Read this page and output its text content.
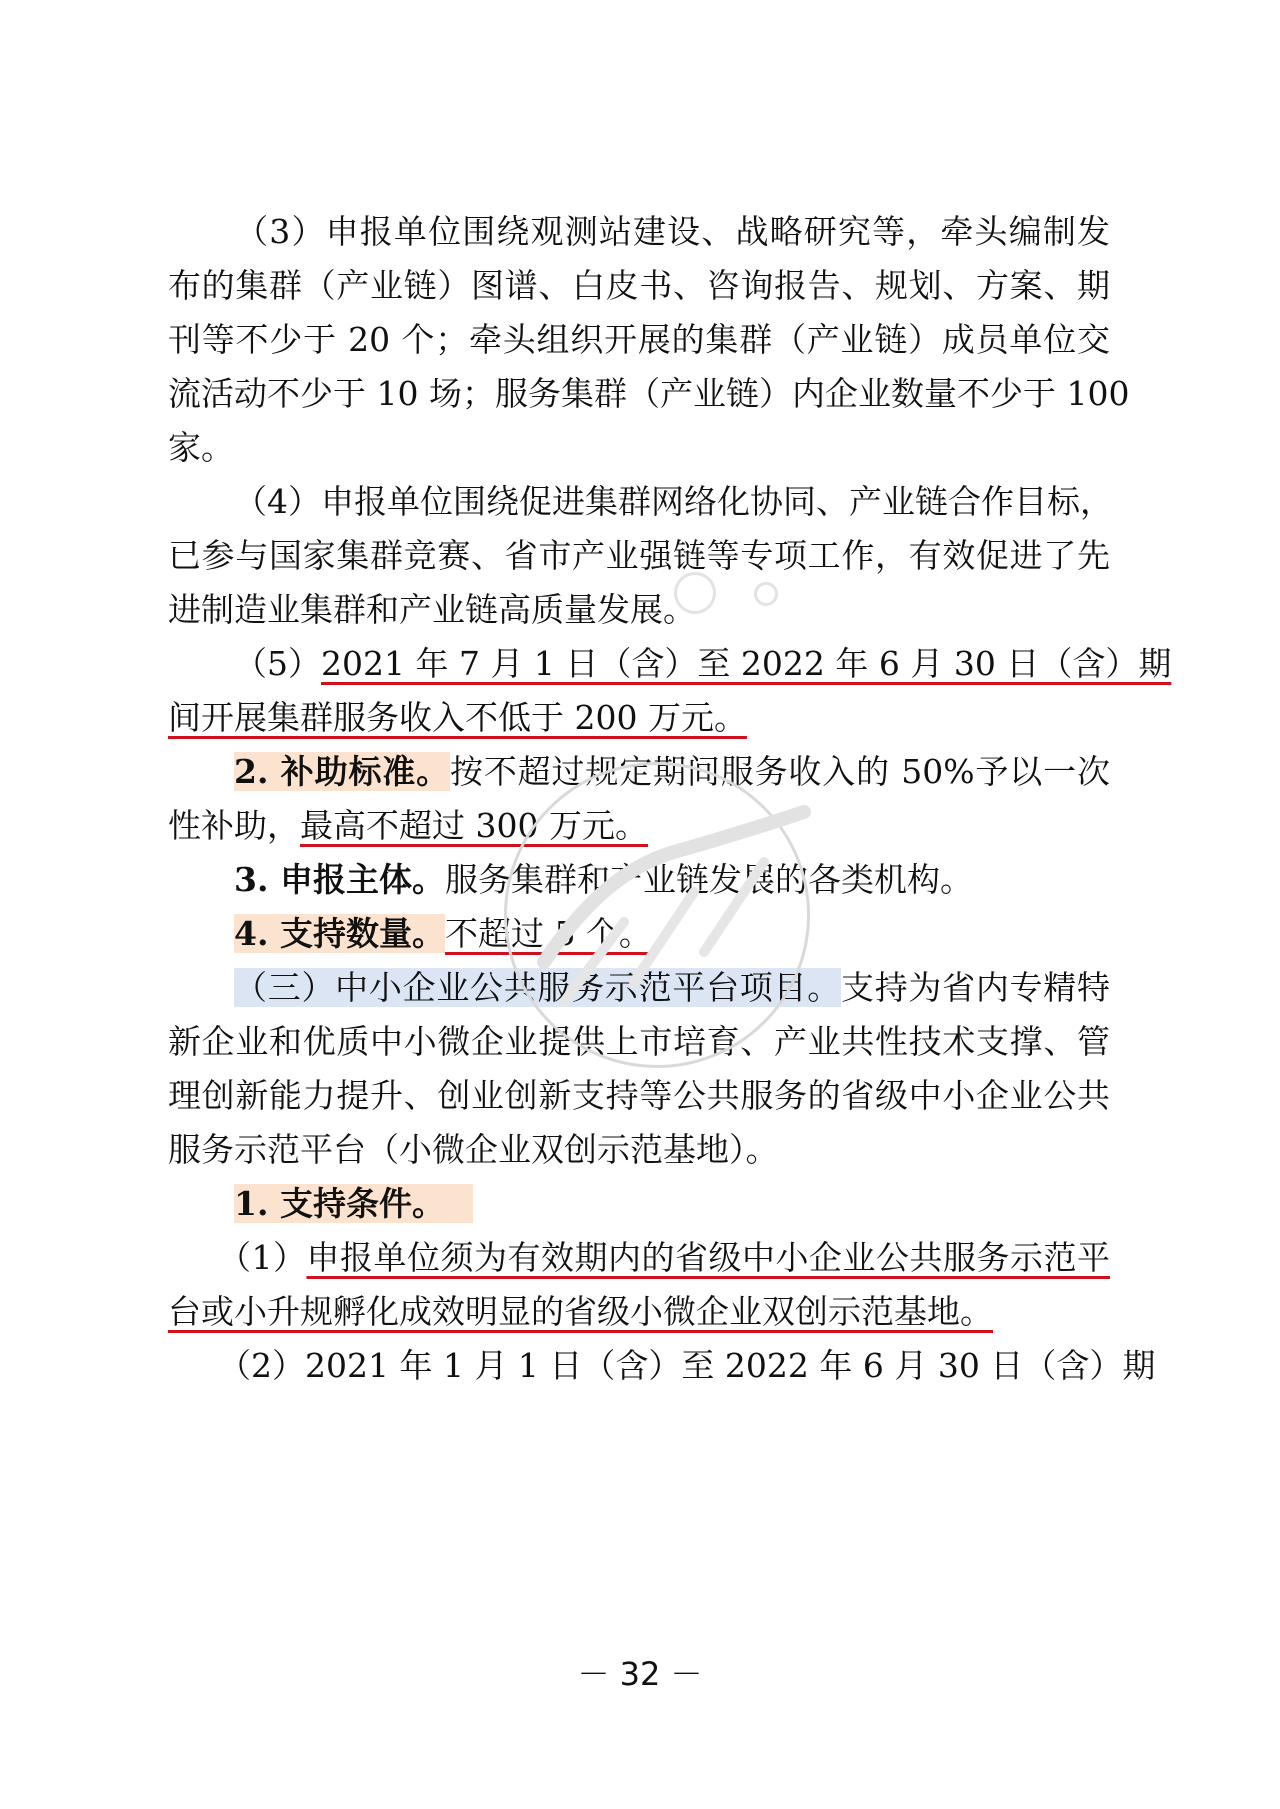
（3）申报单位围绕观测站建设、战略研究等，牵头编制发
布的集群（产业链）图谱、白皮书、咨询报告、规划、方案、期
刊等不少于 20 个；牵头组织开展的集群（产业链）成员单位交
流活动不少于 10 场；服务集群（产业链）内企业数量不少于 100
家。
（4）申报单位围绕促进集群网络化协同、产业链合作目标，
已参与国家集群竞赛、省市产业强链等专项工作，有效促进了先
进制造业集群和产业链高质量发展。
（5）2021 年 7 月 1 日（含）至 2022 年 6 月 30 日（含）期
间开展集群服务收入不低于 200 万元。
2. 补助标准。按不超过规定期间服务收入的 50%予以一次
性补助，最高不超过 300 万元。
3. 申报主体。服务集群和产业链发展的各类机构。
4. 支持数量。不超过 5 个。
（三）中小企业公共服务示范平台项目。支持为省内专精特
新企业和优质中小微企业提供上市培育、产业共性技术支撑、管
理创新能力提升、创业创新支持等公共服务的省级中小企业公共
服务示范平台（小微企业双创示范基地）。
1. 支持条件。
（1）申报单位须为有效期内的省级中小企业公共服务示范平
台或小升规孵化成效明显的省级小微企业双创示范基地。
（2）2021 年 1 月 1 日（含）至 2022 年 6 月 30 日（含）期
－ 32 －
